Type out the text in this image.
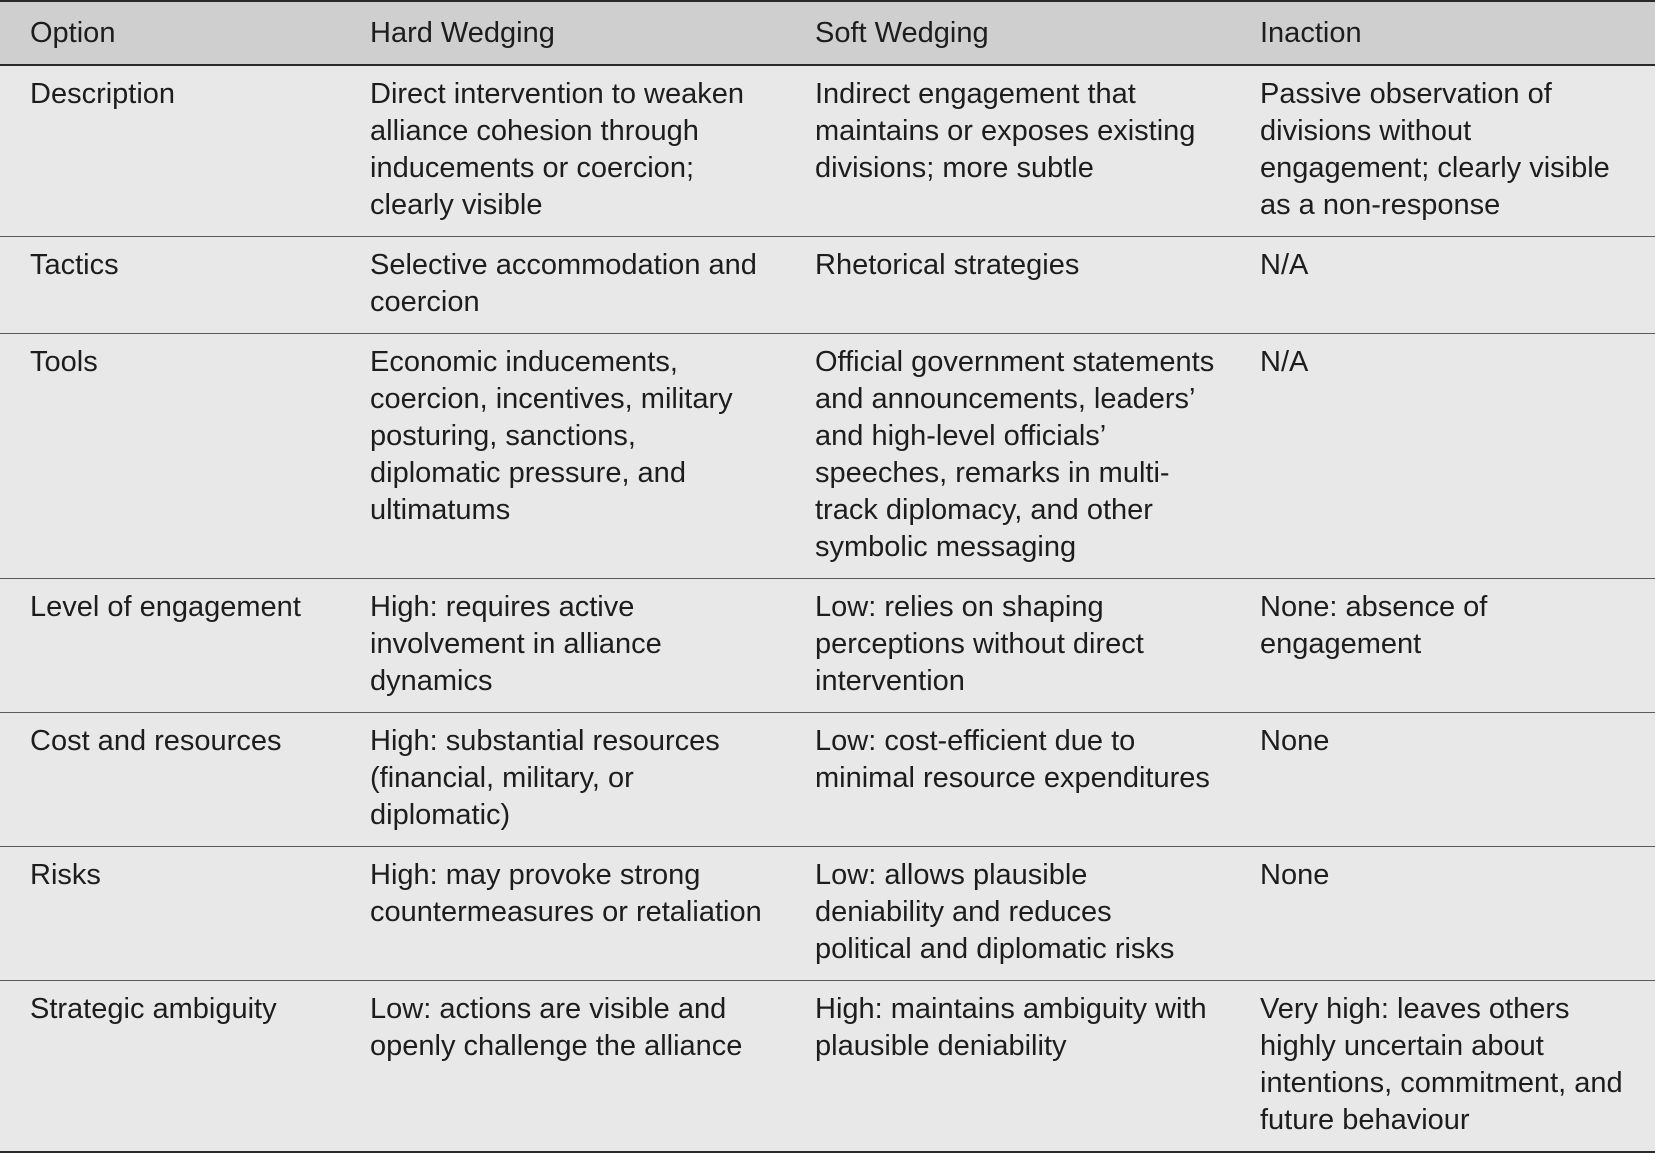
Option	Hard Wedging	Soft Wedging	Inaction
Description	Direct intervention to weaken alliance cohesion through inducements or coercion; clearly visible	Indirect engagement that maintains or exposes existing divisions; more subtle	Passive observation of divisions without engagement; clearly visible as a non-response
Tactics	Selective accommodation and coercion	Rhetorical strategies	N/A
Tools	Economic inducements, coercion, incentives, military posturing, sanctions, diplomatic pressure, and ultimatums	Official government statements and announcements, leaders’ and high-level officials’ speeches, remarks in multi-track diplomacy, and other symbolic messaging	N/A
Level of engagement	High: requires active involvement in alliance dynamics	Low: relies on shaping perceptions without direct intervention	None: absence of engagement
Cost and resources	High: substantial resources (financial, military, or diplomatic)	Low: cost-efficient due to minimal resource expenditures	None
Risks	High: may provoke strong countermeasures or retaliation	Low: allows plausible deniability and reduces political and diplomatic risks	None
Strategic ambiguity	Low: actions are visible and openly challenge the alliance	High: maintains ambiguity with plausible deniability	Very high: leaves others highly uncertain about intentions, commitment, and future behaviour
